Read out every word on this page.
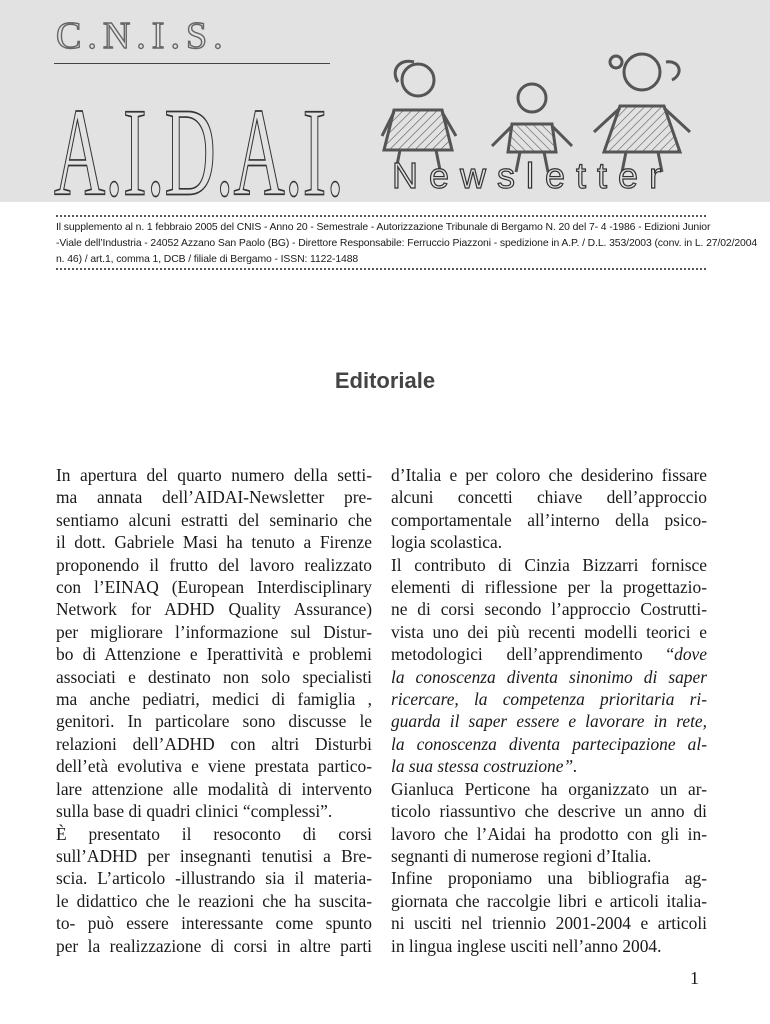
C.N.I.S.
A.I.D.A.I. Newsletter
Il supplemento al n. 1 febbraio 2005 del CNIS - Anno 20 - Semestrale - Autorizzazione Tribunale di Bergamo N. 20 del 7- 4 -1986 - Edizioni Junior
-Viale dell’Industria - 24052 Azzano San Paolo (BG) - Direttore Responsabile: Ferruccio Piazzoni - spedizione in A.P. / D.L. 353/2003 (conv. in L. 27/02/2004
n. 46) / art.1, comma 1, DCB / filiale di Bergamo - ISSN: 1122-1488
Editoriale
In apertura del quarto numero della setti-
ma annata dell’AIDAI-Newsletter pre-
sentiamo alcuni estratti del seminario che
il dott. Gabriele Masi ha tenuto a Firenze
proponendo il frutto del lavoro realizzato
con l’EINAQ (European Interdisciplinary
Network for ADHD Quality Assurance)
per migliorare l’informazione sul Distur-
bo di Attenzione e Iperattività e problemi
associati e destinato non solo specialisti
ma anche pediatri, medici di famiglia ,
genitori. In particolare sono discusse le
relazioni dell’ADHD con altri Disturbi
dell’età evolutiva e viene prestata partico-
lare attenzione alle modalità di intervento
sulla base di quadri clinici “complessi”.
È presentato il resoconto di corsi
sull’ADHD per insegnanti tenutisi a Bre-
scia. L’articolo -illustrando sia il materia-
le didattico che le reazioni che ha suscita-
to- può essere interessante come spunto
per la realizzazione di corsi in altre parti
d’Italia e per coloro che desiderino fissare
alcuni concetti chiave dell’approccio
comportamentale all’interno della psico-
logia scolastica.
Il contributo di Cinzia Bizzarri fornisce
elementi di riflessione per la progettazio-
ne di corsi secondo l’approccio Costrutti-
vista uno dei più recenti modelli teorici e
metodologici dell’apprendimento “dove
la conoscenza diventa sinonimo di saper
ricercare, la competenza prioritaria ri-
guarda il saper essere e lavorare in rete,
la conoscenza diventa partecipazione al-
la sua stessa costruzione”.
Gianluca Perticone ha organizzato un ar-
ticolo riassuntivo che descrive un anno di
lavoro che l’Aidai ha prodotto con gli in-
segnanti di numerose regioni d’Italia.
Infine proponiamo una bibliografia ag-
giornata che raccolgie libri e articoli italia-
ni usciti nel triennio 2001-2004 e articoli
in lingua inglese usciti nell’anno 2004.
1
